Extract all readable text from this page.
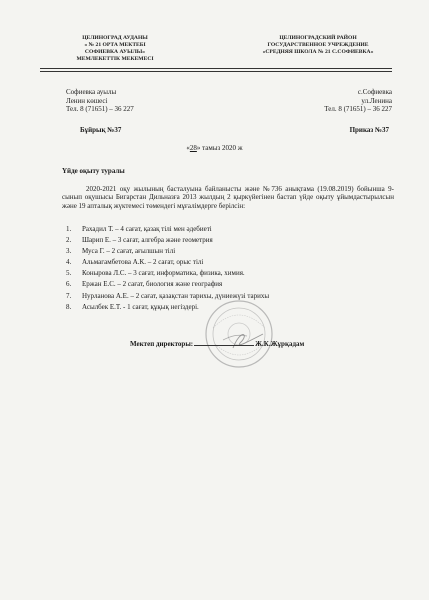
ЦЕЛИНОГРАД АУДАНЫ
« № 21 ОРТА МЕКТЕБІ
СОФИЕВКА АУЫЛЫ»
МЕМЛЕКЕТТІК МЕКЕМЕСІ
ЦЕЛИНОГРАДСКИЙ РАЙОН
ГОСУДАРСТВЕННОЕ УЧРЕЖДЕНИЕ
«СРЕДНЯЯ ШКОЛА № 21 С.СОФИЕВКА»
Софиевка ауылы
Ленин көшесі
Тел. 8 (71651) – 36 227
с.Софиевка
ул.Ленина
Тел. 8 (71651) – 36 227
Бұйрық №37	Приказ №37
«28» тамыз 2020 ж
Үйде оқыту туралы
2020-2021 оқу жылының басталуына байланысты және №736 анықтама (19.08.2019) бойынша 9-сынып оқушысы Бигарстан Дильназға 2013 жылдың 2 қыркүйегінен бастап үйде оқыту ұйымдастырылсын және 19 апталық жүктемесі төмендегі мұғалімдерге берілсін:
1. Рахадил Т. – 4 сағат, қазақ тілі мен әдебиеті
2. Шарип Е. – 3 сағат, алгебра және геометрия
3. Муса Г. – 2 сағат, ағылшын тілі
4. Альмагамбетова А.К. – 2 сағат, орыс тілі
5. Конырова Л.С. – 3 сағат, информатика, физика, химия.
6. Ержан Е.С. – 2 сағат, биология және география
7. Нурланова А.Е. – 2 сағат, қазақстан тарихы, дүниежүзі тарихы
8. Асылбек Е.Т. - 1 сағат, құқық негіздері.
Мектеп директоры:	Ж.К.Жұрқадам
